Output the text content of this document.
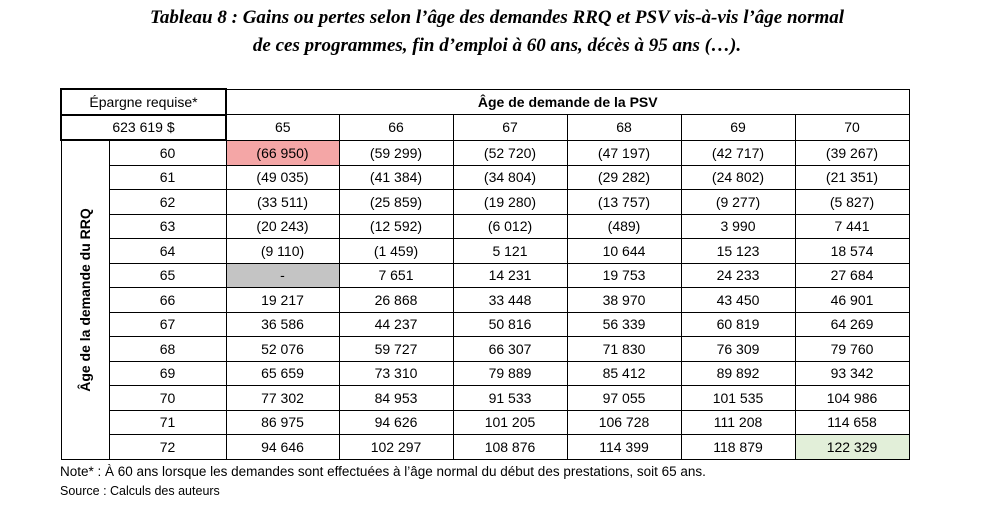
Tableau 8 : Gains ou pertes selon l’âge des demandes RRQ et PSV vis-à-vis l’âge normal
de ces programmes, fin d’emploi à 60 ans, décès à 95 ans (…).
Épargne requise*		Âge de demande de la PSV					
623 619 $		65	66	67	68	69	70

Âge de la demande du RRQ	60	(66 950)	(59 299)	(52 720)	(47 197)	(42 717)	(39 267)
	61	(49 035)	(41 384)	(34 804)	(29 282)	(24 802)	(21 351)
	62	(33 511)	(25 859)	(19 280)	(13 757)	(9 277)	(5 827)
	63	(20 243)	(12 592)	(6 012)	(489)	3 990	7 441
	64	(9 110)	(1 459)	5 121	10 644	15 123	18 574
	65	-	7 651	14 231	19 753	24 233	27 684
	66	19 217	26 868	33 448	38 970	43 450	46 901
	67	36 586	44 237	50 816	56 339	60 819	64 269
	68	52 076	59 727	66 307	71 830	76 309	79 760
	69	65 659	73 310	79 889	85 412	89 892	93 342
	70	77 302	84 953	91 533	97 055	101 535	104 986
	71	86 975	94 626	101 205	106 728	111 208	114 658
	72	94 646	102 297	108 876	114 399	118 879	122 329
Note* : À 60 ans lorsque les demandes sont effectuées à l’âge normal du début des prestations, soit 65 ans.
Source : Calculs des auteurs
